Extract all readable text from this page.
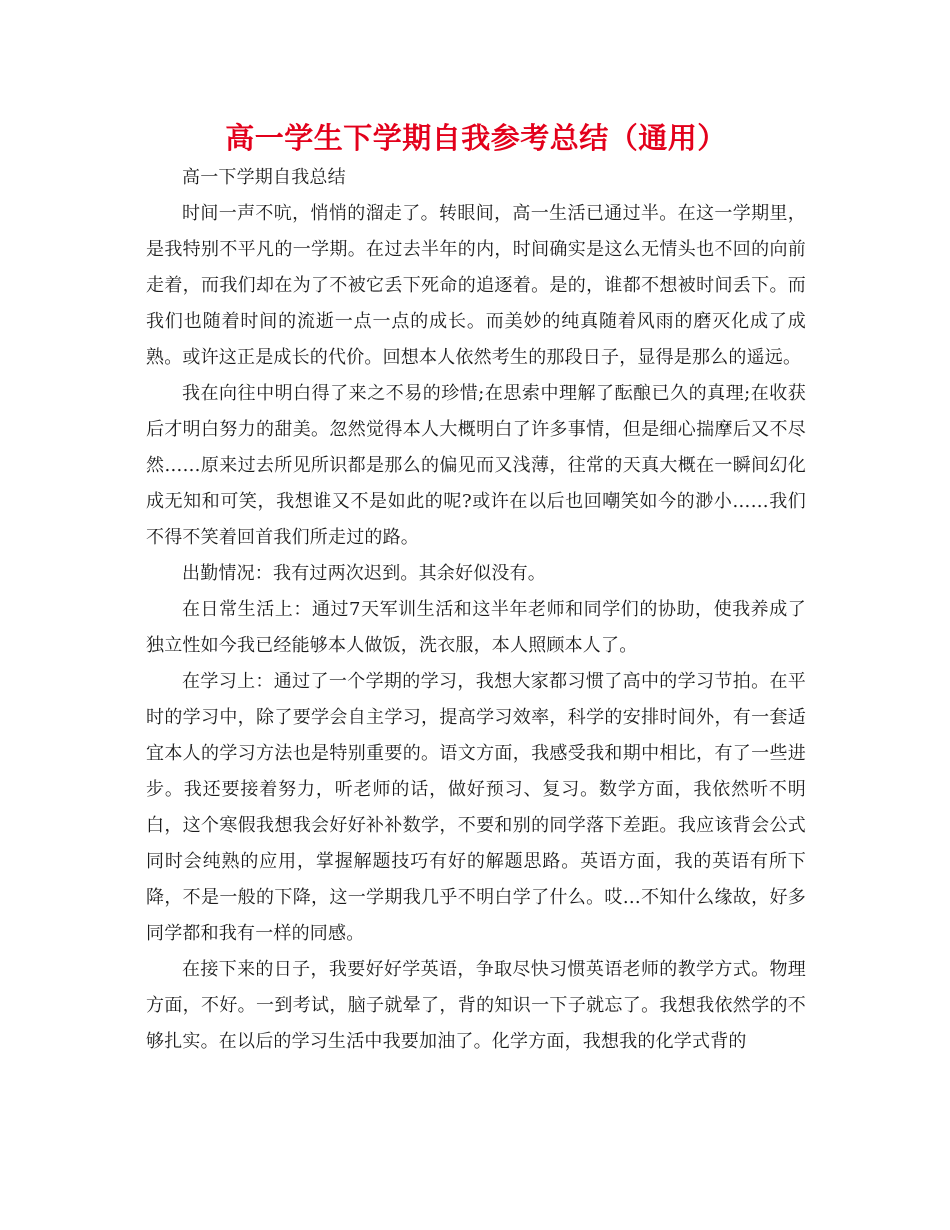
高一学生下学期自我参考总结（通用）

高一下学期自我总结

时间一声不吭，悄悄的溜走了。转眼间，高一生活已通过半。在这一学期里，是我特别不平凡的一学期。在过去半年的内，时间确实是这么无情头也不回的向前走着，而我们却在为了不被它丢下死命的追逐着。是的，谁都不想被时间丢下。而我们也随着时间的流逝一点一点的成长。而美妙的纯真随着风雨的磨灭化成了成熟。或许这正是成长的代价。回想本人依然考生的那段日子，显得是那么的遥远。

我在向往中明白得了来之不易的珍惜;在思索中理解了酝酿已久的真理;在收获后才明白努力的甜美。忽然觉得本人大概明白了许多事情，但是细心揣摩后又不尽然……原来过去所见所识都是那么的偏见而又浅薄，往常的天真大概在一瞬间幻化成无知和可笑，我想谁又不是如此的呢?或许在以后也回嘲笑如今的渺小……我们不得不笑着回首我们所走过的路。

出勤情况：我有过两次迟到。其余好似没有。

在日常生活上：通过7天军训生活和这半年老师和同学们的协助，使我养成了独立性如今我已经能够本人做饭，洗衣服，本人照顾本人了。

在学习上：通过了一个学期的学习，我想大家都习惯了高中的学习节拍。在平时的学习中，除了要学会自主学习，提高学习效率，科学的安排时间外，有一套适宜本人的学习方法也是特别重要的。语文方面，我感受我和期中相比，有了一些进步。我还要接着努力，听老师的话，做好预习、复习。数学方面，我依然听不明白，这个寒假我想我会好好补补数学，不要和别的同学落下差距。我应该背会公式同时会纯熟的应用，掌握解题技巧有好的解题思路。英语方面，我的英语有所下降，不是一般的下降，这一学期我几乎不明白学了什么。哎…不知什么缘故，好多同学都和我有一样的同感。

在接下来的日子，我要好好学英语，争取尽快习惯英语老师的教学方式。物理方面，不好。一到考试，脑子就晕了，背的知识一下子就忘了。我想我依然学的不够扎实。在以后的学习生活中我要加油了。化学方面，我想我的化学式背的
